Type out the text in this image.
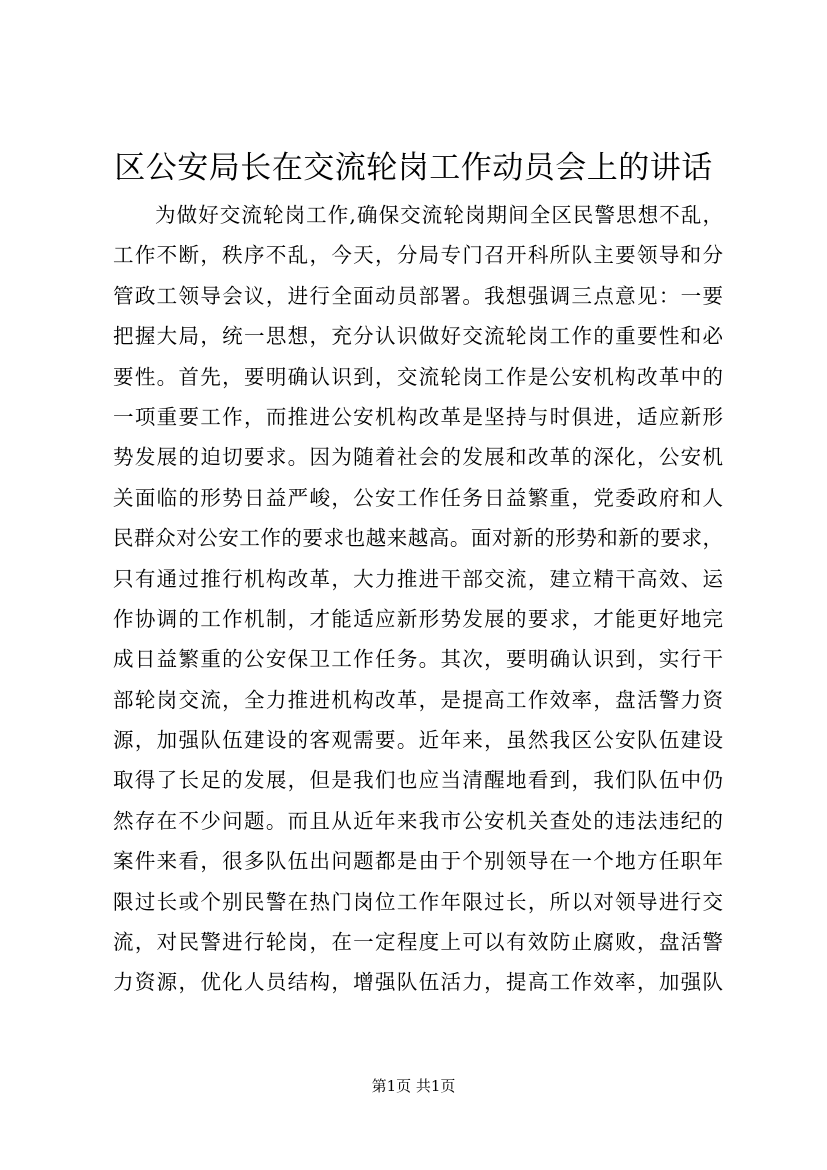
区公安局长在交流轮岗工作动员会上的讲话
为做好交流轮岗工作,确保交流轮岗期间全区民警思想不乱，
工作不断，秩序不乱，今天，分局专门召开科所队主要领导和分
管政工领导会议，进行全面动员部署。我想强调三点意见：一要
把握大局，统一思想，充分认识做好交流轮岗工作的重要性和必
要性。首先，要明确认识到，交流轮岗工作是公安机构改革中的
一项重要工作，而推进公安机构改革是坚持与时俱进，适应新形
势发展的迫切要求。因为随着社会的发展和改革的深化，公安机
关面临的形势日益严峻，公安工作任务日益繁重，党委政府和人
民群众对公安工作的要求也越来越高。面对新的形势和新的要求，
只有通过推行机构改革，大力推进干部交流，建立精干高效、运
作协调的工作机制，才能适应新形势发展的要求，才能更好地完
成日益繁重的公安保卫工作任务。其次，要明确认识到，实行干
部轮岗交流，全力推进机构改革，是提高工作效率，盘活警力资
源，加强队伍建设的客观需要。近年来，虽然我区公安队伍建设
取得了长足的发展，但是我们也应当清醒地看到，我们队伍中仍
然存在不少问题。而且从近年来我市公安机关查处的违法违纪的
案件来看，很多队伍出问题都是由于个别领导在一个地方任职年
限过长或个别民警在热门岗位工作年限过长，所以对领导进行交
流，对民警进行轮岗，在一定程度上可以有效防止腐败，盘活警
力资源，优化人员结构，增强队伍活力，提高工作效率，加强队
第1页 共1页
